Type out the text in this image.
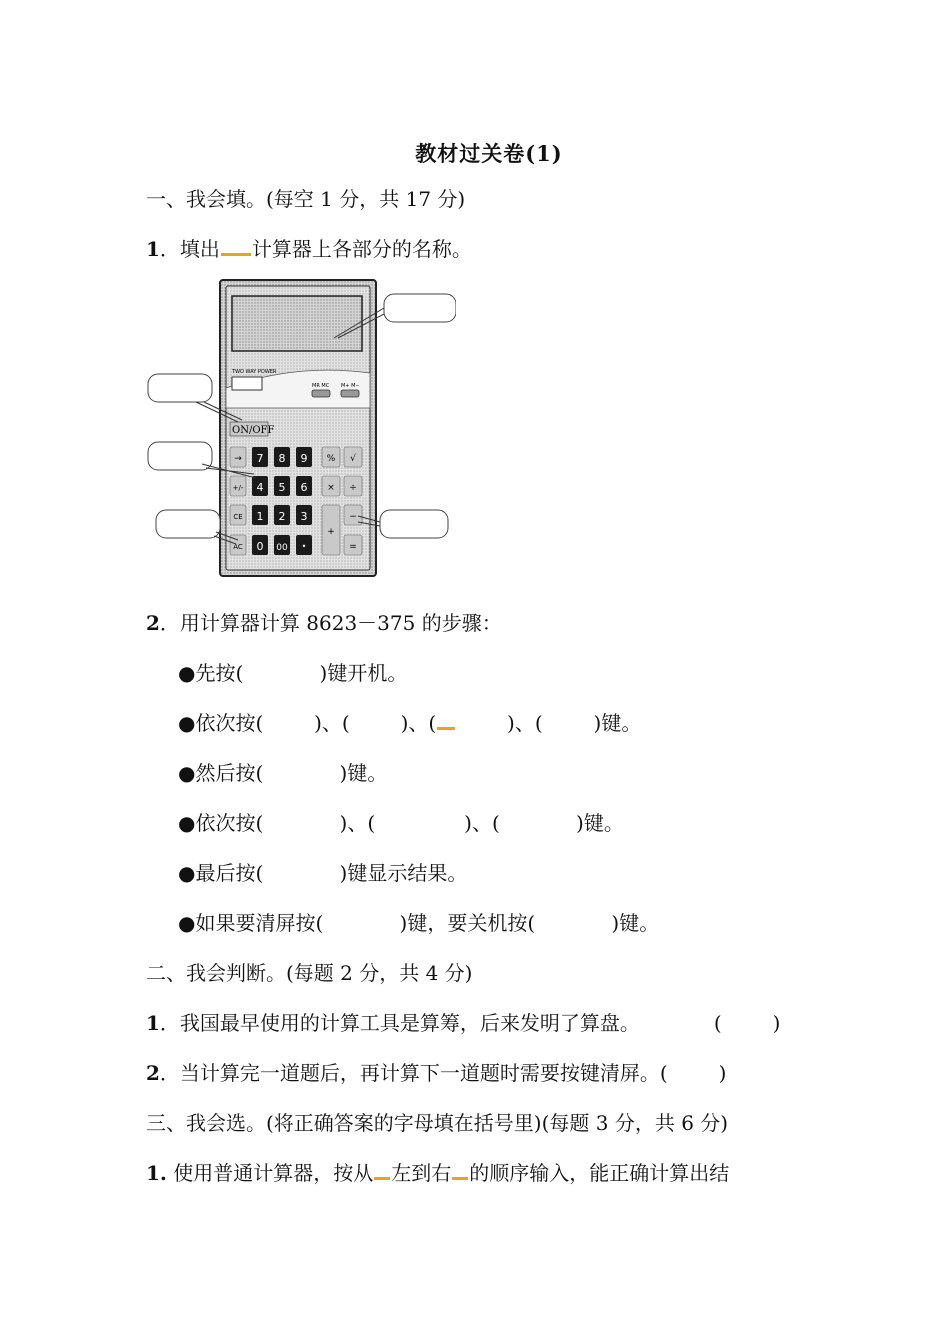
教材过关卷(1)
一、我会填。(每空 1 分，共 17 分)
1．填出 计算器上各部分的名称。
TWO WAY POWER
MR MC M+ M−
ON/OFF
→ 7 8 9 % √
+/- 4 5 6 × ÷
CE 1 2 3
+
−
AC 0 00 •	=
2．用计算器计算 8623－375 的步骤：
●先按(            )键开机。
●依次按(        )、(        )、(        )、(        )键。
●然后按(            )键。
●依次按(            )、(              )、(            )键。
●最后按(            )键显示结果。
●如果要清屏按(            )键，要关机按(            )键。
二、我会判断。(每题 2 分，共 4 分)
1．我国最早使用的计算工具是算筹，后来发明了算盘。	(        )
2．当计算完一道题后，再计算下一道题时需要按键清屏。(        )
三、我会选。(将正确答案的字母填在括号里)(每题 3 分，共 6 分)
1. 使用普通计算器，按从 左到右 的顺序输入，能正确计算出结
